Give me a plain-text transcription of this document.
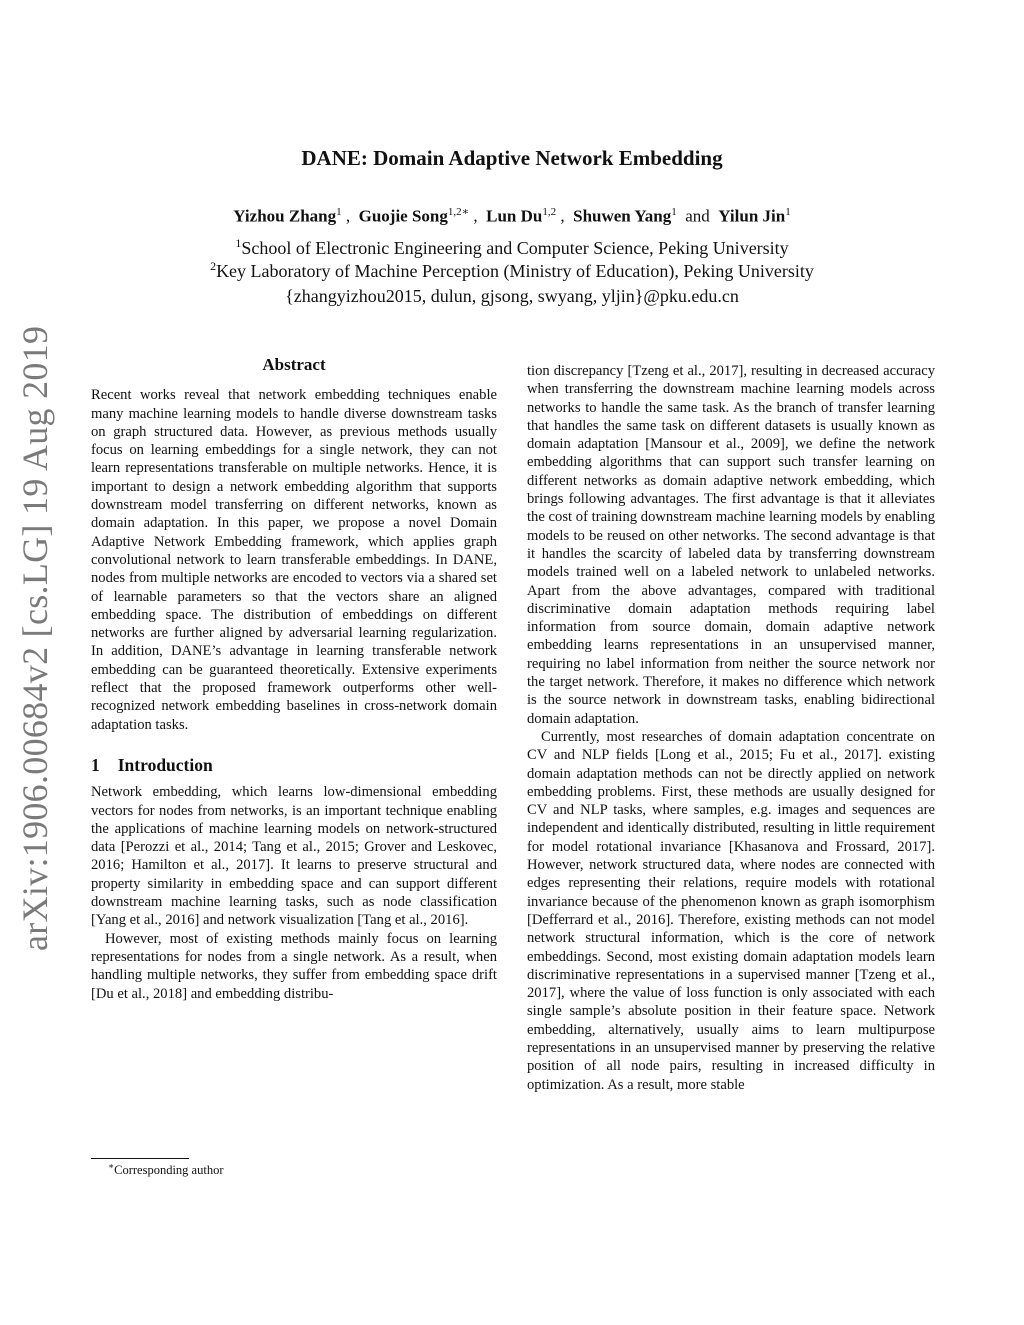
arXiv:1906.00684v2 [cs.LG] 19 Aug 2019
DANE: Domain Adaptive Network Embedding
Yizhou Zhang$^1$ ,  Guojie Song$^{1,2∗}$ ,  Lun Du$^{1,2}$ ,  Shuwen Yang$^1$ and Yilun Jin$^1$
$^1$School of Electronic Engineering and Computer Science, Peking University
$^2$Key Laboratory of Machine Perception (Ministry of Education), Peking University
{zhangyizhou2015, dulun, gjsong, swyang, yljin}@pku.edu.cn
Abstract

Recent works reveal that network embedding techniques enable many machine learning models to handle diverse downstream tasks on graph structured data. However, as previous methods usually focus on learning embeddings for a single network, they can not learn representations transferable on multiple networks. Hence, it is important to design a network embedding algorithm that supports downstream model transferring on different networks, known as domain adaptation. In this paper, we propose a novel Domain Adaptive Network Embedding framework, which applies graph convolutional network to learn transferable embeddings. In DANE, nodes from multiple networks are encoded to vectors via a shared set of learnable parameters so that the vectors share an aligned embedding space. The distribution of embeddings on different networks are further aligned by adversarial learning regularization. In addition, DANE’s advantage in learning transferable network embedding can be guaranteed theoretically. Extensive experiments reflect that the proposed framework outperforms other well-recognized network embedding baselines in cross-network domain adaptation tasks.

1 Introduction

Network embedding, which learns low-dimensional embedding vectors for nodes from networks, is an important technique enabling the applications of machine learning models on network-structured data [Perozzi et al., 2014; Tang et al., 2015; Grover and Leskovec, 2016; Hamilton et al., 2017]. It learns to preserve structural and property similarity in embedding space and can support different downstream machine learning tasks, such as node classification [Yang et al., 2016] and network visualization [Tang et al., 2016].

However, most of existing methods mainly focus on learning representations for nodes from a single network. As a result, when handling multiple networks, they suffer from embedding space drift [Du et al., 2018] and embedding distribu-

tion discrepancy [Tzeng et al., 2017], resulting in decreased accuracy when transferring the downstream machine learning models across networks to handle the same task. As the branch of transfer learning that handles the same task on different datasets is usually known as domain adaptation [Mansour et al., 2009], we define the network embedding algorithms that can support such transfer learning on different networks as domain adaptive network embedding, which brings following advantages. The first advantage is that it alleviates the cost of training downstream machine learning models by enabling models to be reused on other networks. The second advantage is that it handles the scarcity of labeled data by transferring downstream models trained well on a labeled network to unlabeled networks. Apart from the above advantages, compared with traditional discriminative domain adaptation methods requiring label information from source domain, domain adaptive network embedding learns representations in an unsupervised manner, requiring no label information from neither the source network nor the target network. Therefore, it makes no difference which network is the source network in downstream tasks, enabling bidirectional domain adaptation.

Currently, most researches of domain adaptation concentrate on CV and NLP fields [Long et al., 2015; Fu et al., 2017]. existing domain adaptation methods can not be directly applied on network embedding problems. First, these methods are usually designed for CV and NLP tasks, where samples, e.g. images and sequences are independent and identically distributed, resulting in little requirement for model rotational invariance [Khasanova and Frossard, 2017]. However, network structured data, where nodes are connected with edges representing their relations, require models with rotational invariance because of the phenomenon known as graph isomorphism [Defferrard et al., 2016]. Therefore, existing methods can not model network structural information, which is the core of network embeddings. Second, most existing domain adaptation models learn discriminative representations in a supervised manner [Tzeng et al., 2017], where the value of loss function is only associated with each single sample’s absolute position in their feature space. Network embedding, alternatively, usually aims to learn multipurpose representations in an unsupervised manner by preserving the relative position of all node pairs, resulting in increased difficulty in optimization. As a result, more stable

∗Corresponding author
